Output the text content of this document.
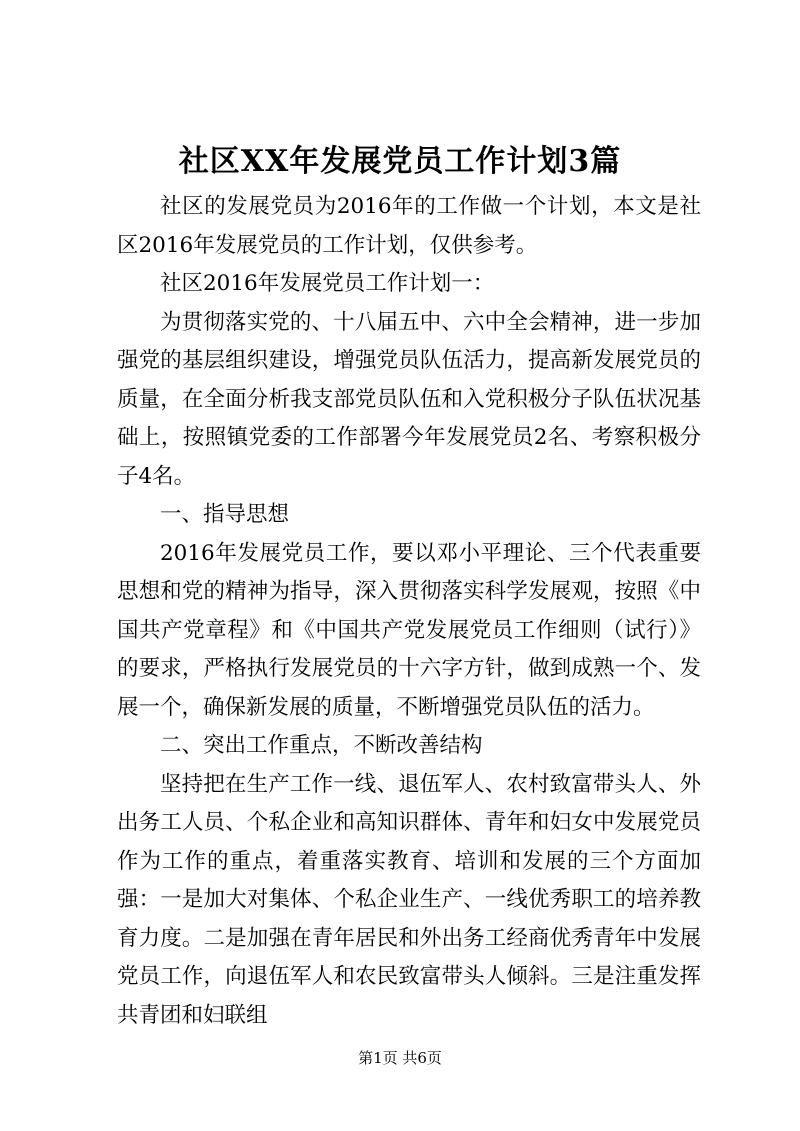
社区XX年发展党员工作计划3篇

社区的发展党员为2016年的工作做一个计划，本文是社区2016年发展党员的工作计划，仅供参考。

社区2016年发展党员工作计划一：

为贯彻落实党的、十八届五中、六中全会精神，进一步加强党的基层组织建设，增强党员队伍活力，提高新发展党员的质量，在全面分析我支部党员队伍和入党积极分子队伍状况基础上，按照镇党委的工作部署今年发展党员2名、考察积极分子4名。

一、指导思想

2016年发展党员工作，要以邓小平理论、三个代表重要思想和党的精神为指导，深入贯彻落实科学发展观，按照《中国共产党章程》和《中国共产党发展党员工作细则（试行）》的要求，严格执行发展党员的十六字方针，做到成熟一个、发展一个，确保新发展的质量，不断增强党员队伍的活力。

二、突出工作重点，不断改善结构

坚持把在生产工作一线、退伍军人、农村致富带头人、外出务工人员、个私企业和高知识群体、青年和妇女中发展党员作为工作的重点，着重落实教育、培训和发展的三个方面加强：一是加大对集体、个私企业生产、一线优秀职工的培养教育力度。二是加强在青年居民和外出务工经商优秀青年中发展党员工作，向退伍军人和农民致富带头人倾斜。三是注重发挥共青团和妇联组

第1页 共6页
